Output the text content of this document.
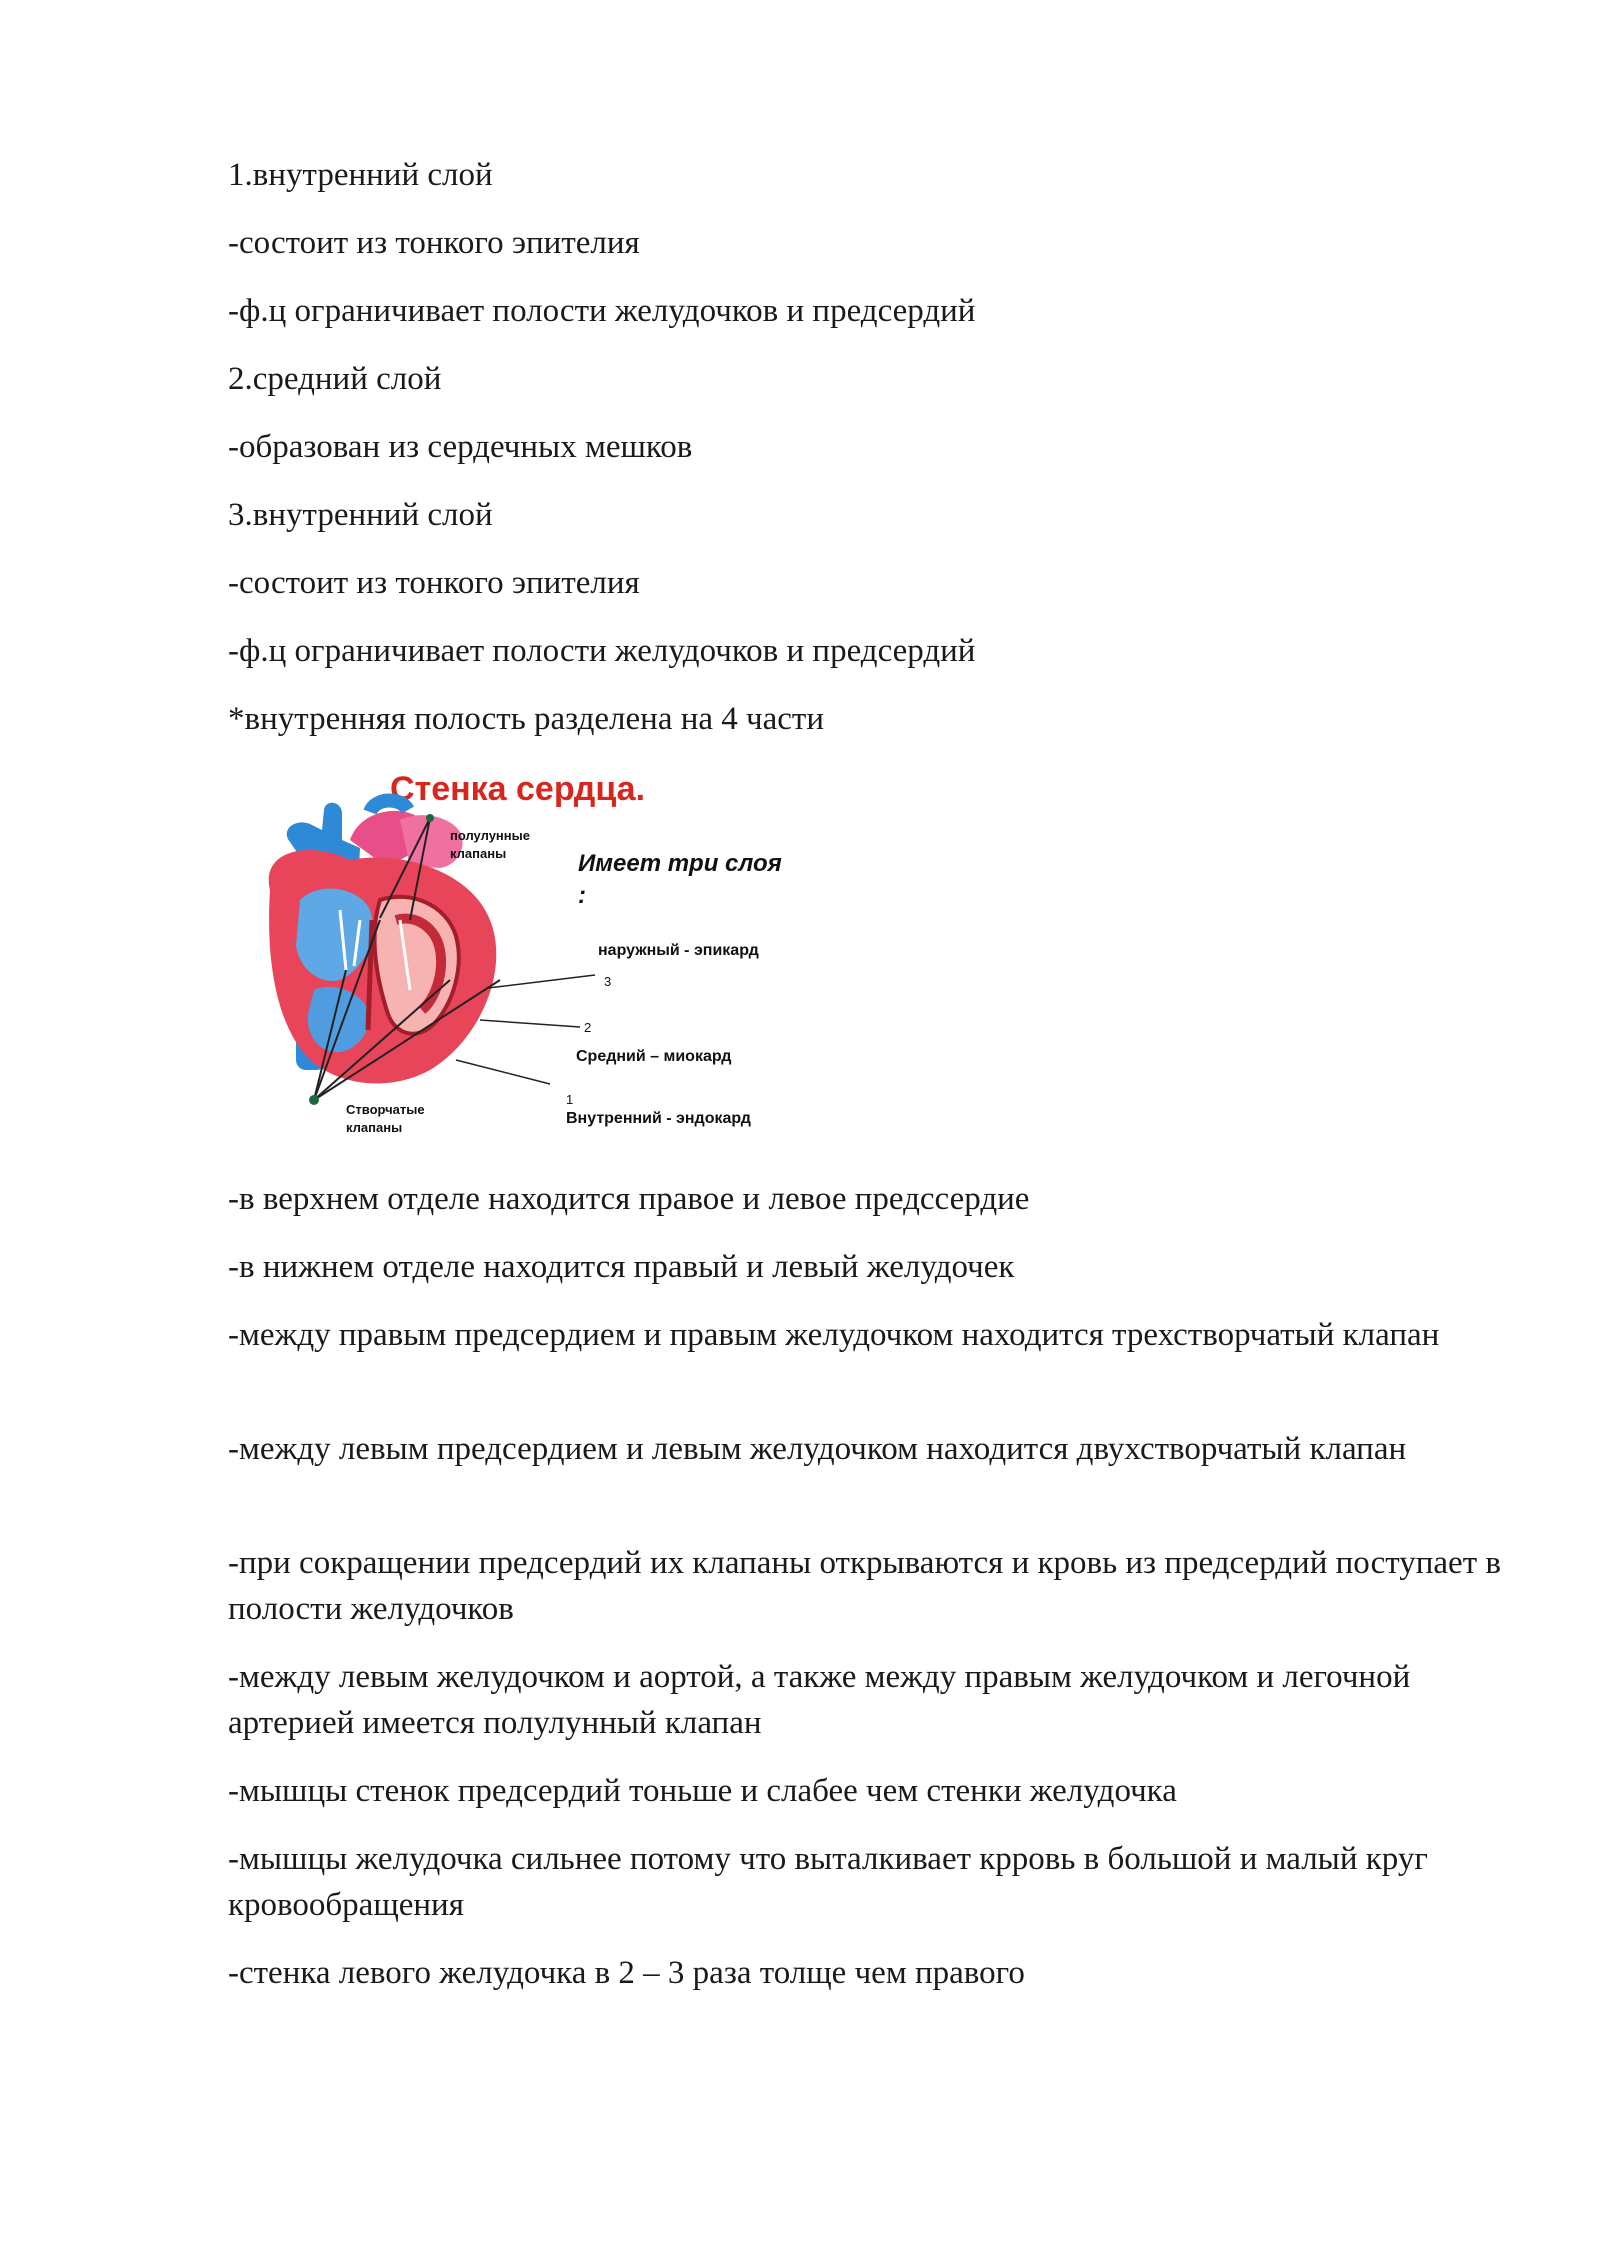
1.внутренний слой
-состоит из тонкого эпителия
-ф.ц ограничивает полости желудочков и предсердий
2.средний слой
-образован из сердечных мешков
3.внутренний слой
-состоит из тонкого эпителия
-ф.ц ограничивает полости желудочков и предсердий
*внутренняя полость разделена на 4 части
Стенка сердца.
полулунные
клапаны	Имеет три слоя
:
наружный - эпикард
3
2
Средний – миокард
1
Внутренний - эндокард
Створчатые
клапаны
-в верхнем отделе находится правое и левое предссердие
-в нижнем отделе находится правый и левый желудочек
-между правым предсердием и правым желудочком находится трехстворчатый клапан
-между левым предсердием и левым желудочком находится двухстворчатый клапан
-при сокращении предсердий их клапаны открываются и кровь из предсердий поступает в полости желудочков
-между левым желудочком и аортой, а также между правым желудочком и легочной артерией имеется полулунный клапан
-мышцы стенок предсердий тоньше и слабее чем стенки желудочка
-мышцы желудочка сильнее потому что выталкивает крровь в большой и малый круг кровообращения
-стенка левого желудочка в 2 – 3 раза толще чем правого
